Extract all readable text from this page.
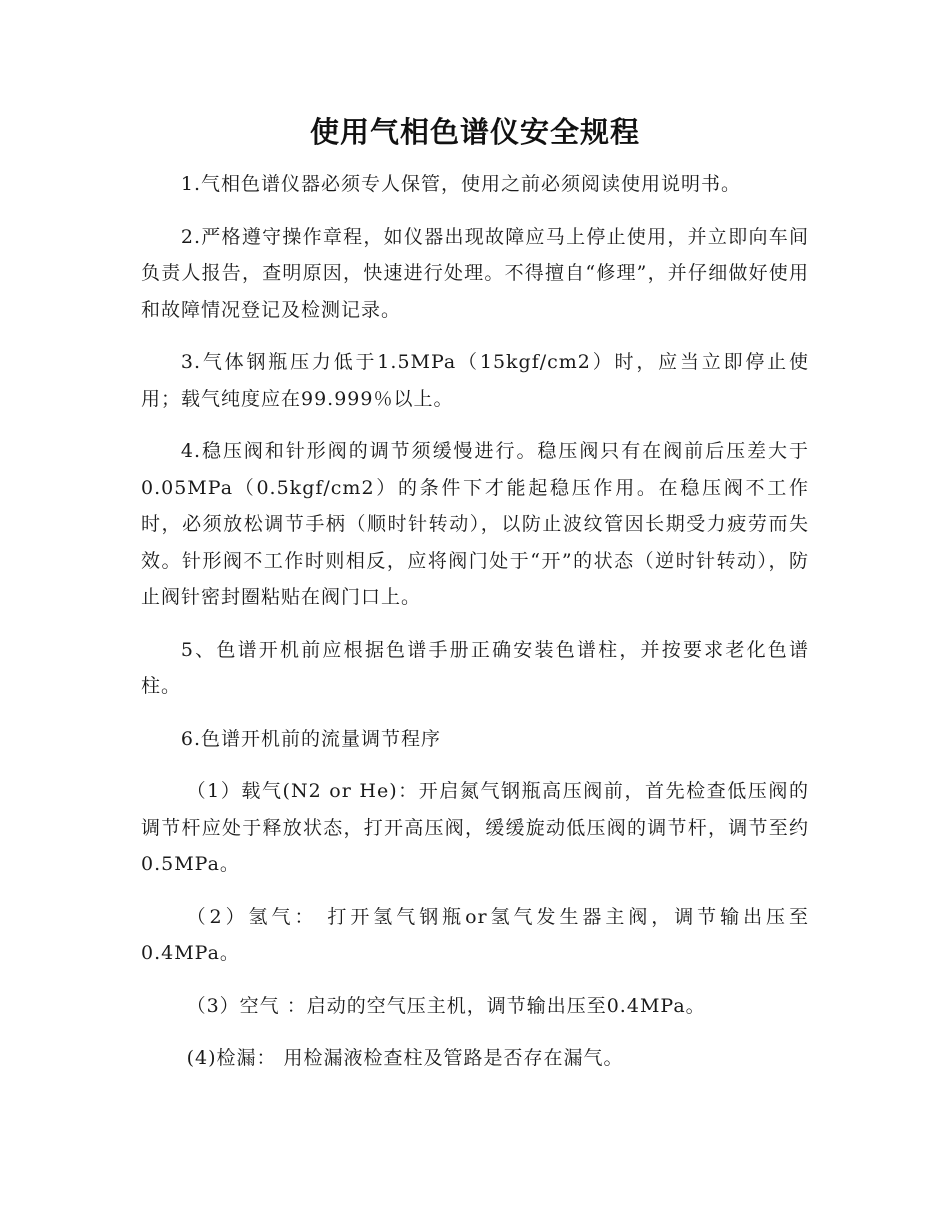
使用气相色谱仪安全规程

1.气相色谱仪器必须专人保管，使用之前必须阅读使用说明书。

2.严格遵守操作章程，如仪器出现故障应马上停止使用，并立即向车间负责人报告，查明原因，快速进行处理。不得擅自“修理”，并仔细做好使用和故障情况登记及检测记录。

3.气体钢瓶压力低于1.5MPa（15kgf/cm2）时，应当立即停止使用；载气纯度应在99.999％以上。

4.稳压阀和针形阀的调节须缓慢进行。稳压阀只有在阀前后压差大于0.05MPa（0.5kgf/cm2）的条件下才能起稳压作用。在稳压阀不工作时，必须放松调节手柄（顺时针转动），以防止波纹管因长期受力疲劳而失效。针形阀不工作时则相反，应将阀门处于“开”的状态（逆时针转动），防止阀针密封圈粘贴在阀门口上。

5、色谱开机前应根据色谱手册正确安装色谱柱，并按要求老化色谱柱。

6.色谱开机前的流量调节程序

（1）载气(N2 or He)：开启氮气钢瓶高压阀前，首先检查低压阀的调节杆应处于释放状态，打开高压阀，缓缓旋动低压阀的调节杆，调节至约0.5MPa。

（2）氢气： 打开氢气钢瓶or氢气发生器主阀，调节输出压至0.4MPa。

（3）空气 ：启动的空气压主机，调节输出压至0.4MPa。

(4)检漏： 用检漏液检查柱及管路是否存在漏气。
